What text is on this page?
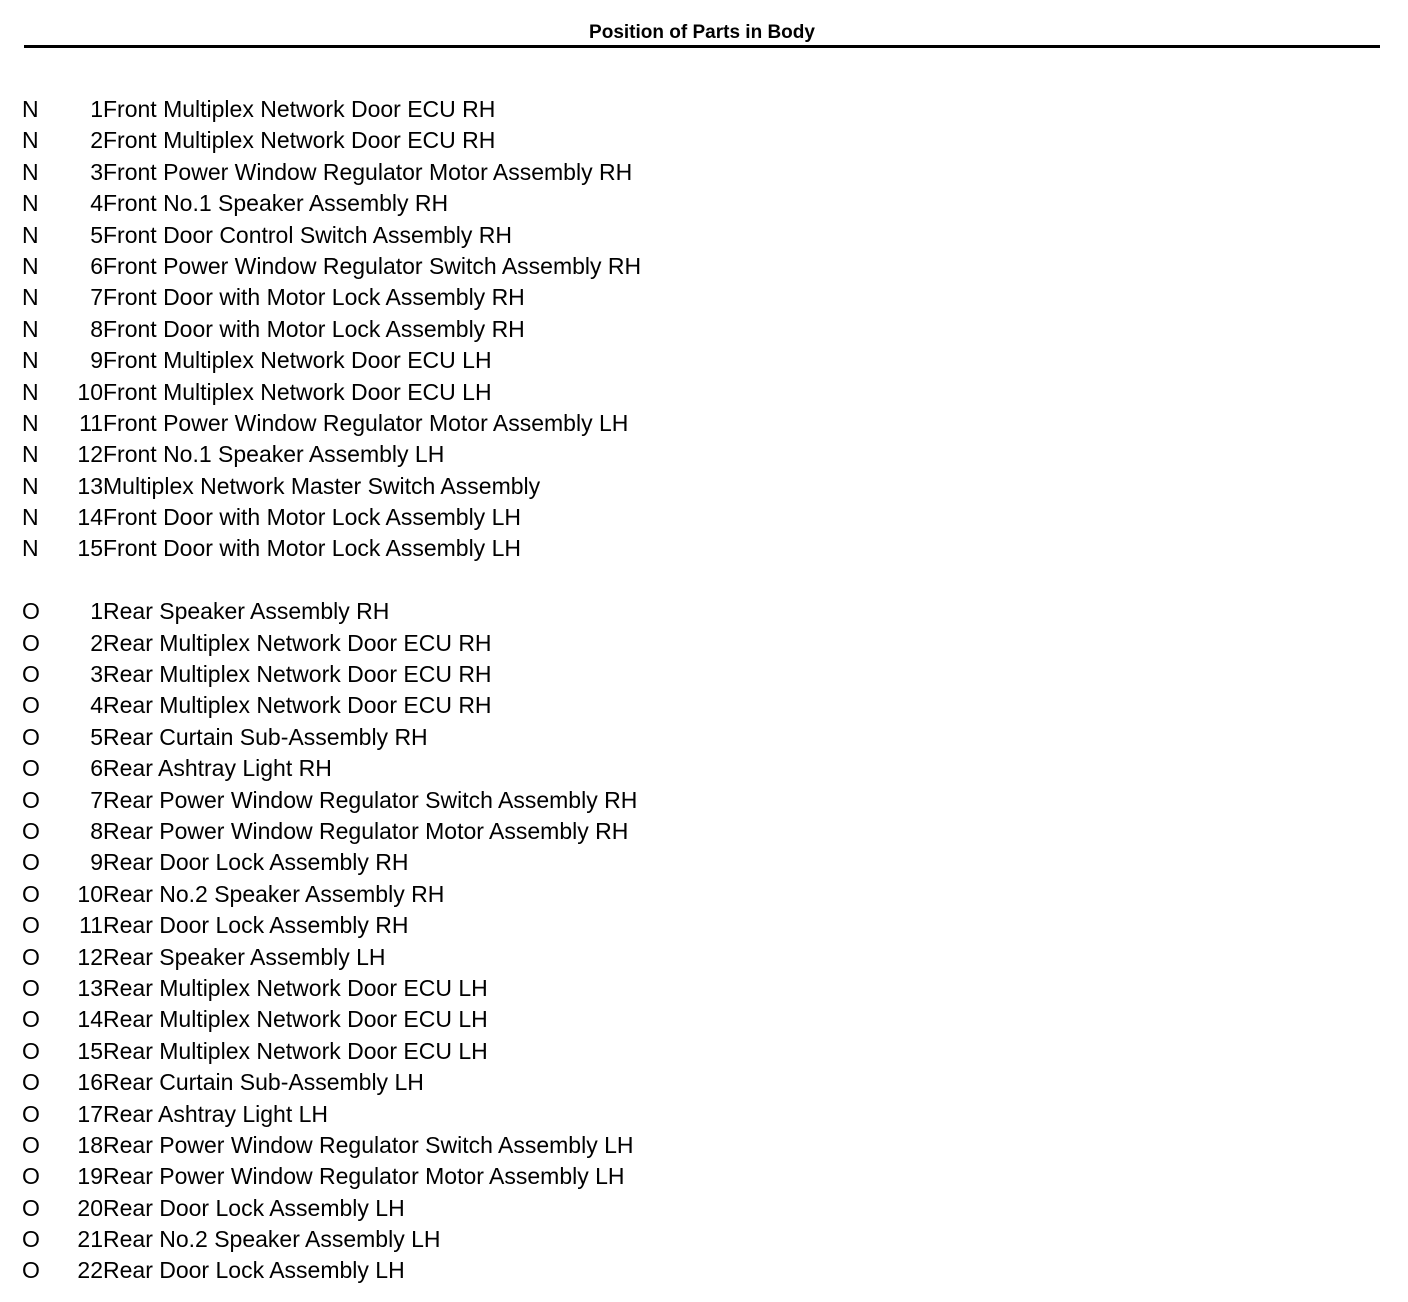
Position of Parts in Body
N	1 Front Multiplex Network Door ECU RH
N	2 Front Multiplex Network Door ECU RH
N	3 Front Power Window Regulator Motor Assembly RH
N	4 Front No.1 Speaker Assembly RH
N	5 Front Door Control Switch Assembly RH
N	6 Front Power Window Regulator Switch Assembly RH
N	7 Front Door with Motor Lock Assembly RH
N	8 Front Door with Motor Lock Assembly RH
N	9 Front Multiplex Network Door ECU LH
N	10 Front Multiplex Network Door ECU LH
N	11 Front Power Window Regulator Motor Assembly LH
N	12 Front No.1 Speaker Assembly LH
N	13 Multiplex Network Master Switch Assembly
N	14 Front Door with Motor Lock Assembly LH
N	15 Front Door with Motor Lock Assembly LH
O	1 Rear Speaker Assembly RH
O	2 Rear Multiplex Network Door ECU RH
O	3 Rear Multiplex Network Door ECU RH
O	4 Rear Multiplex Network Door ECU RH
O	5 Rear Curtain Sub-Assembly RH
O	6 Rear Ashtray Light RH
O	7 Rear Power Window Regulator Switch Assembly RH
O	8 Rear Power Window Regulator Motor Assembly RH
O	9 Rear Door Lock Assembly RH
O	10 Rear No.2 Speaker Assembly RH
O	11 Rear Door Lock Assembly RH
O	12 Rear Speaker Assembly LH
O	13 Rear Multiplex Network Door ECU LH
O	14 Rear Multiplex Network Door ECU LH
O	15 Rear Multiplex Network Door ECU LH
O	16 Rear Curtain Sub-Assembly LH
O	17 Rear Ashtray Light LH
O	18 Rear Power Window Regulator Switch Assembly LH
O	19 Rear Power Window Regulator Motor Assembly LH
O	20 Rear Door Lock Assembly LH
O	21 Rear No.2 Speaker Assembly LH
O	22 Rear Door Lock Assembly LH
